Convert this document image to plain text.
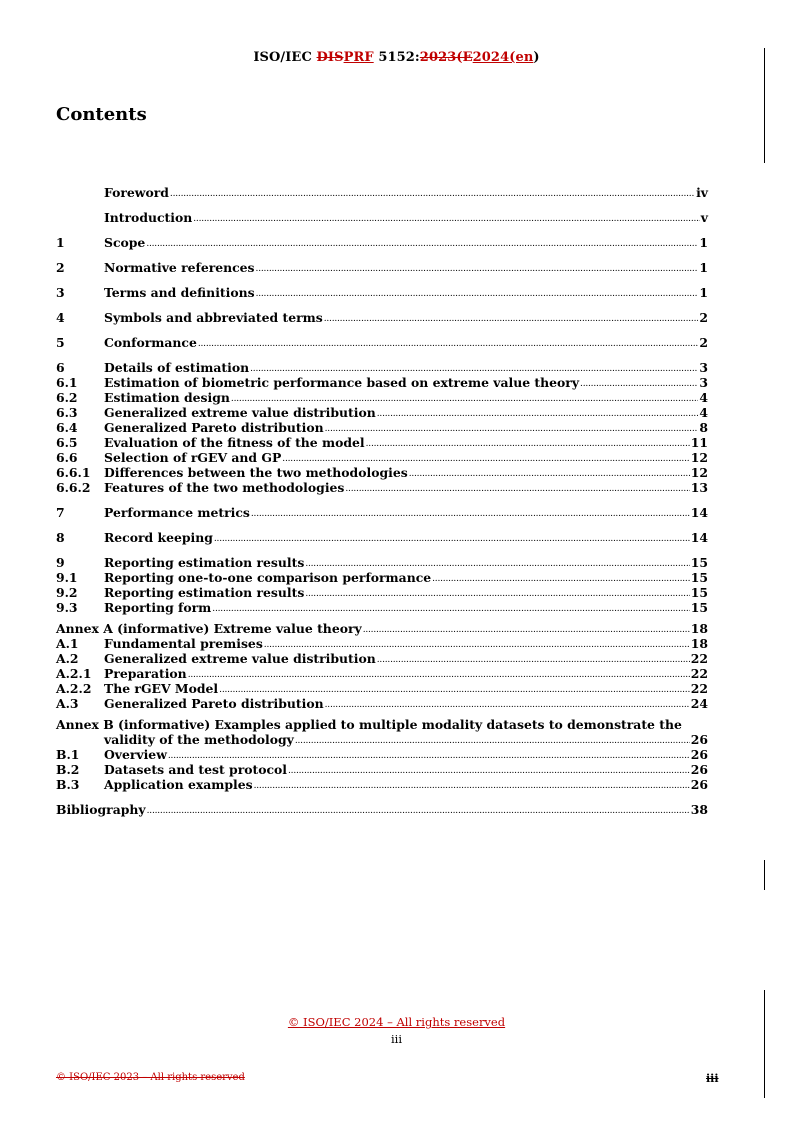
ISO/IEC DISPRF 5152:2023(E2024(en)
Contents
Foreword .....	iv
Introduction .....	v
1	Scope .....	1
2	Normative references .....	1
3	Terms and definitions .....	1
4	Symbols and abbreviated terms .....	2
5	Conformance .....	2
6	Details of estimation .....	3
6.1	Estimation of biometric performance based on extreme value theory .....	3
6.2	Estimation design .....	4
6.3	Generalized extreme value distribution .....	4
6.4	Generalized Pareto distribution .....	8
6.5	Evaluation of the fitness of the model .....	11
6.6	Selection of rGEV and GP .....	12
6.6.1	Differences between the two methodologies .....	12
6.6.2	Features of the two methodologies .....	13
7	Performance metrics .....	14
8	Record keeping .....	14
9	Reporting estimation results .....	15
9.1	Reporting one-to-one comparison performance .....	15
9.2	Reporting estimation results .....	15
9.3	Reporting form .....	15
Annex A (informative) Extreme value theory .....	18
A.1	Fundamental premises .....	18
A.2	Generalized extreme value distribution .....	22
A.2.1	Preparation .....	22
A.2.2	The rGEV Model .....	22
A.3	Generalized Pareto distribution .....	24
Annex B (informative) Examples applied to multiple modality datasets to demonstrate the
validity of the methodology .....	26
B.1	Overview .....	26
B.2	Datasets and test protocol .....	26
B.3	Application examples .....	26
Bibliography .....	38
© ISO/IEC 2024 – All rights reserved
iii
© ISO/IEC 2023 – All rights reserved	iii
